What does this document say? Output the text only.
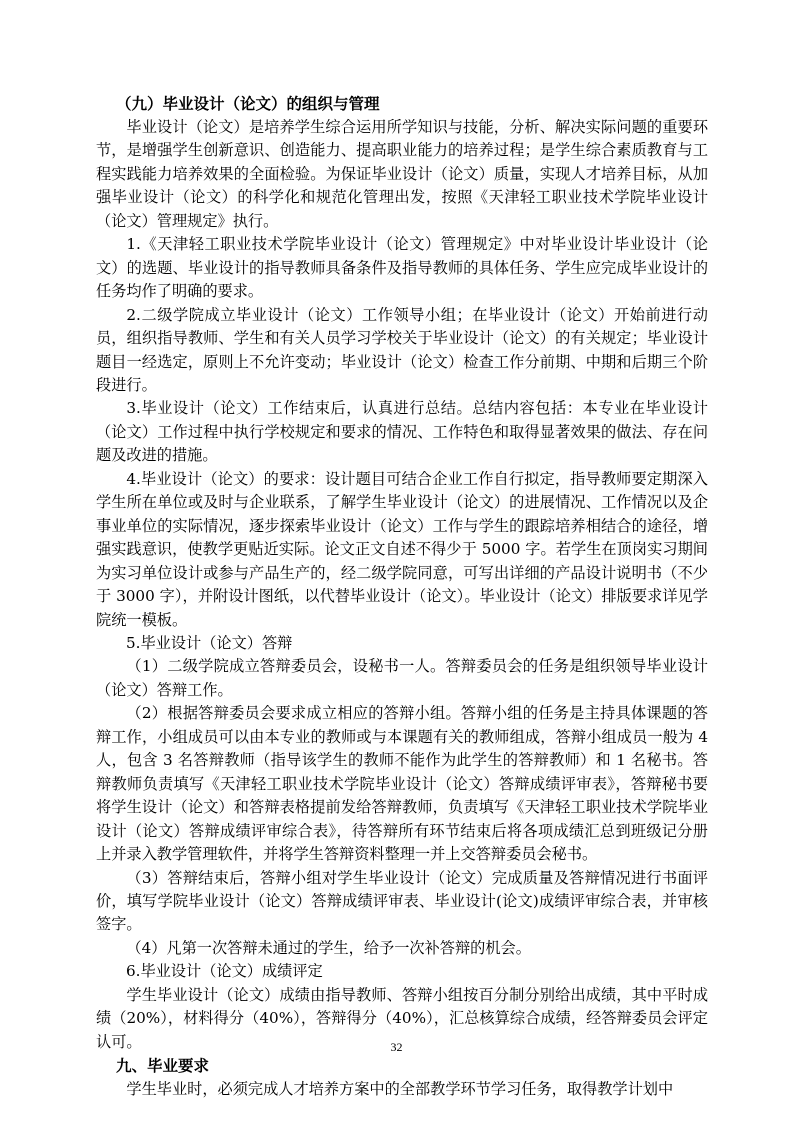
（九）毕业设计（论文）的组织与管理

毕业设计（论文）是培养学生综合运用所学知识与技能，分析、解决实际问题的重要环节，是增强学生创新意识、创造能力、提高职业能力的培养过程；是学生综合素质教育与工程实践能力培养效果的全面检验。为保证毕业设计（论文）质量，实现人才培养目标，从加强毕业设计（论文）的科学化和规范化管理出发，按照《天津轻工职业技术学院毕业设计（论文）管理规定》执行。

1.《天津轻工职业技术学院毕业设计（论文）管理规定》中对毕业设计毕业设计（论文）的选题、毕业设计的指导教师具备条件及指导教师的具体任务、学生应完成毕业设计的任务均作了明确的要求。

2.二级学院成立毕业设计（论文）工作领导小组；在毕业设计（论文）开始前进行动员，组织指导教师、学生和有关人员学习学校关于毕业设计（论文）的有关规定；毕业设计题目一经选定，原则上不允许变动；毕业设计（论文）检查工作分前期、中期和后期三个阶段进行。

3.毕业设计（论文）工作结束后，认真进行总结。总结内容包括：本专业在毕业设计（论文）工作过程中执行学校规定和要求的情况、工作特色和取得显著效果的做法、存在问题及改进的措施。

4.毕业设计（论文）的要求：设计题目可结合企业工作自行拟定，指导教师要定期深入学生所在单位或及时与企业联系，了解学生毕业设计（论文）的进展情况、工作情况以及企事业单位的实际情况，逐步探索毕业设计（论文）工作与学生的跟踪培养相结合的途径，增强实践意识，使教学更贴近实际。论文正文自述不得少于 5000 字。若学生在顶岗实习期间为实习单位设计或参与产品生产的，经二级学院同意，可写出详细的产品设计说明书（不少于 3000 字），并附设计图纸，以代替毕业设计（论文）。毕业设计（论文）排版要求详见学院统一模板。

5.毕业设计（论文）答辩

（1）二级学院成立答辩委员会，设秘书一人。答辩委员会的任务是组织领导毕业设计（论文）答辩工作。

（2）根据答辩委员会要求成立相应的答辩小组。答辩小组的任务是主持具体课题的答辩工作，小组成员可以由本专业的教师或与本课题有关的教师组成，答辩小组成员一般为 4 人，包含 3 名答辩教师（指导该学生的教师不能作为此学生的答辩教师）和 1 名秘书。答辩教师负责填写《天津轻工职业技术学院毕业设计（论文）答辩成绩评审表》，答辩秘书要将学生设计（论文）和答辩表格提前发给答辩教师，负责填写《天津轻工职业技术学院毕业设计（论文）答辩成绩评审综合表》，待答辩所有环节结束后将各项成绩汇总到班级记分册上并录入教学管理软件，并将学生答辩资料整理一并上交答辩委员会秘书。

（3）答辩结束后，答辩小组对学生毕业设计（论文）完成质量及答辩情况进行书面评价，填写学院毕业设计（论文）答辩成绩评审表、毕业设计(论文)成绩评审综合表，并审核签字。

（4）凡第一次答辩未通过的学生，给予一次补答辩的机会。

6.毕业设计（论文）成绩评定

学生毕业设计（论文）成绩由指导教师、答辩小组按百分制分别给出成绩，其中平时成绩（20%），材料得分（40%），答辩得分（40%），汇总核算综合成绩，经答辩委员会评定认可。

九、毕业要求

学生毕业时，必须完成人才培养方案中的全部教学环节学习任务，取得教学计划中

32
